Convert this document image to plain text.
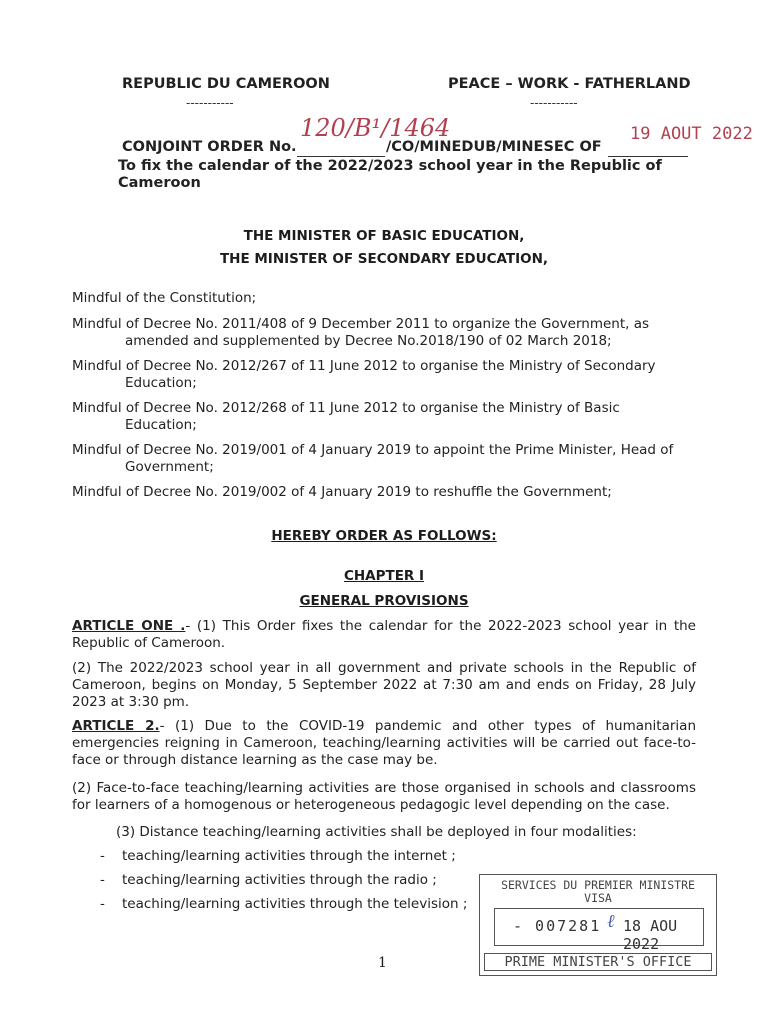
REPUBLIC DU CAMEROON
-----------
PEACE – WORK - FATHERLAND
-----------
CONJOINT ORDER No.
120/B¹/1464
/CO/MINEDUB/MINESEC OF
19 AOUT 2022
To fix the calendar of the 2022/2023 school year in the Republic of
Cameroon
THE MINISTER OF BASIC EDUCATION,
THE MINISTER OF SECONDARY EDUCATION,
Mindful of the Constitution;
Mindful of Decree No. 2011/408 of 9 December 2011 to organize the Government, as
amended and supplemented by Decree No.2018/190 of 02 March 2018;
Mindful of Decree No. 2012/267 of 11 June 2012 to organise the Ministry of Secondary
Education;
Mindful of Decree No. 2012/268 of 11 June 2012 to organise the Ministry of Basic
Education;
Mindful of Decree No. 2019/001 of 4 January 2019 to appoint the Prime Minister, Head of
Government;
Mindful of Decree No. 2019/002 of 4 January 2019 to reshuffle the Government;
HEREBY ORDER AS FOLLOWS:
CHAPTER I
GENERAL PROVISIONS
ARTICLE ONE .- (1) This Order fixes the calendar for the 2022-2023 school year in the Republic of Cameroon.
(2) The 2022/2023 school year in all government and private schools in the Republic of Cameroon, begins on Monday, 5 September 2022 at 7:30 am and ends on Friday, 28 July 2023 at 3:30 pm.
ARTICLE 2.- (1) Due to the COVID-19 pandemic and other types of humanitarian emergencies reigning in Cameroon, teaching/learning activities will be carried out face-to-face or through distance learning as the case may be.
(2) Face-to-face teaching/learning activities are those organised in schools and classrooms for learners of a homogenous or heterogeneous pedagogic level depending on the case.
(3) Distance teaching/learning activities shall be deployed in four modalities:
- teaching/learning activities through the internet ;
- teaching/learning activities through the radio ;
- teaching/learning activities through the television ;
SERVICES DU PREMIER MINISTRE
VISA
- 007281 ℓ 18 AOU 2022
PRIME MINISTER'S OFFICE
1
